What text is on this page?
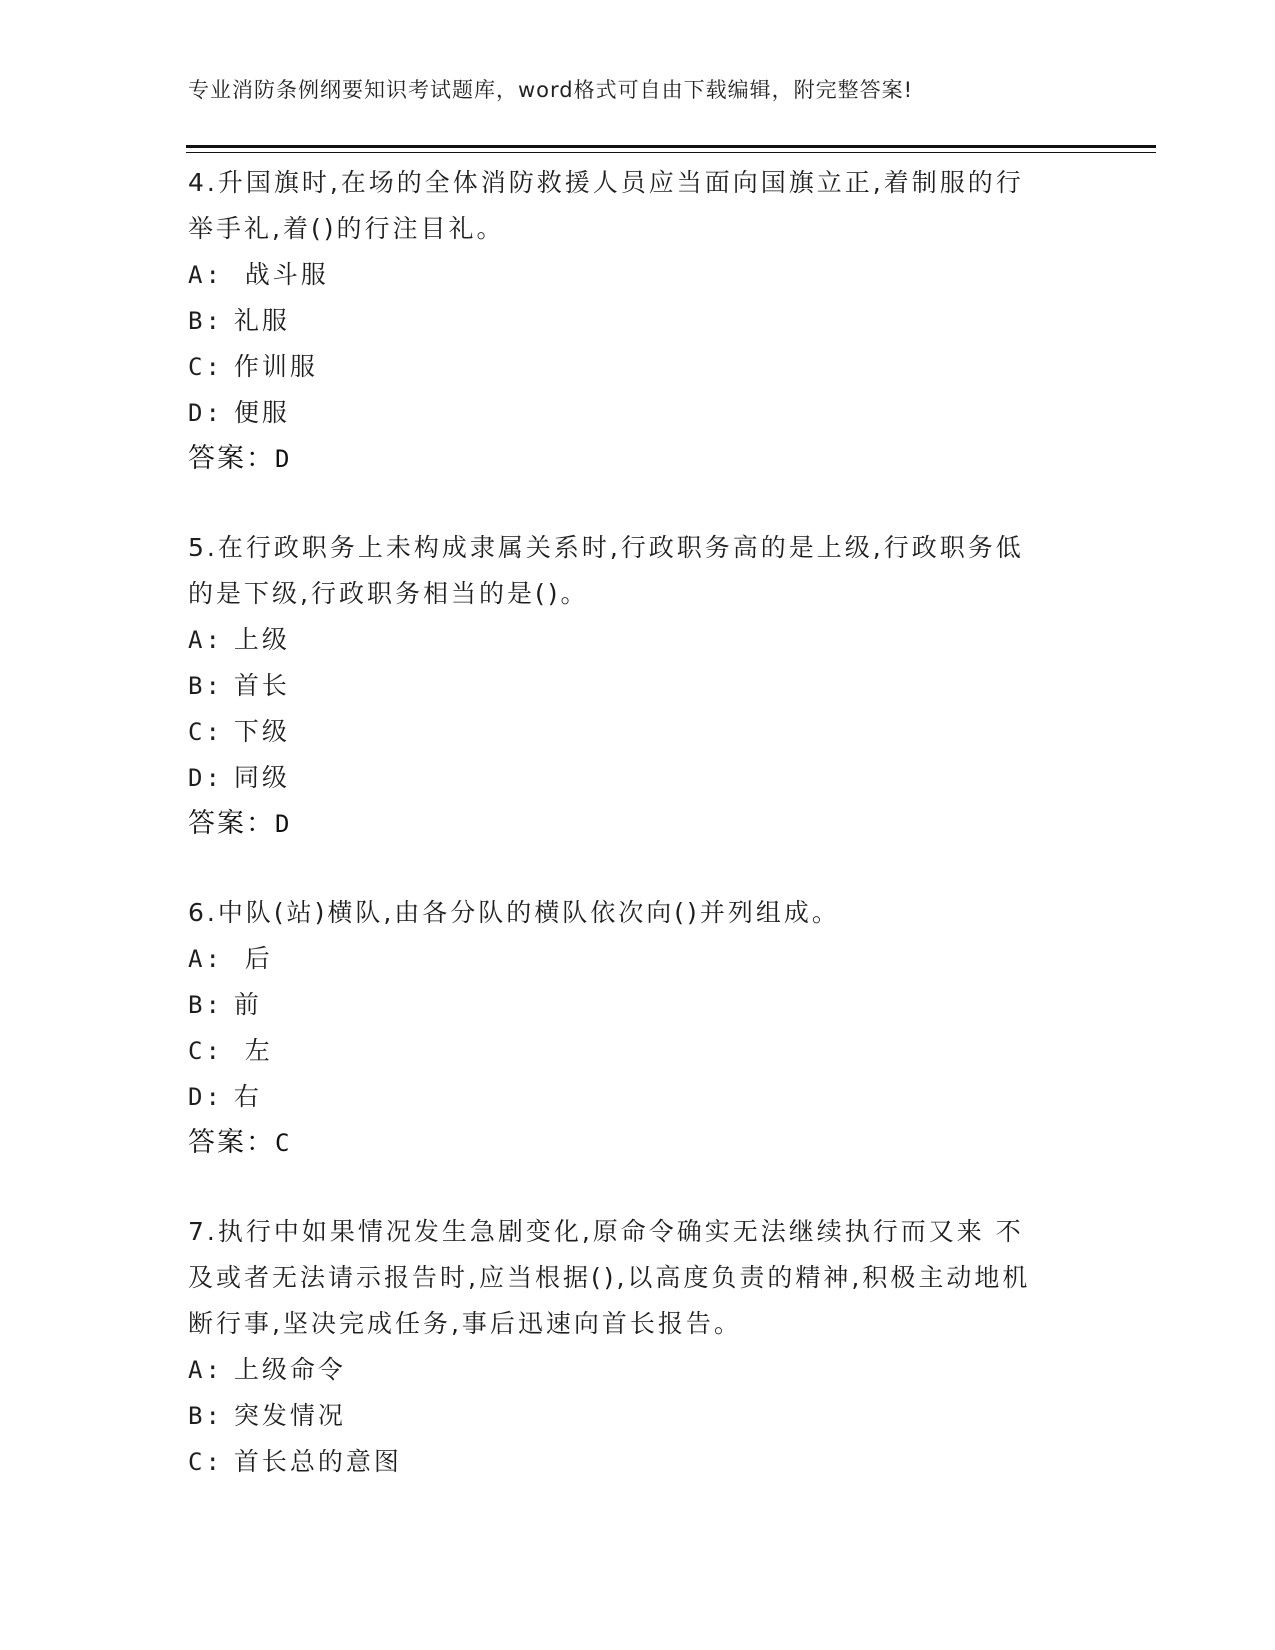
专业消防条例纲要知识考试题库，word格式可自由下载编辑，附完整答案!
4.升国旗时,在场的全体消防救援人员应当面向国旗立正,着制服的行
举手礼,着()的行注目礼。
A: 战斗服
B: 礼服
C: 作训服
D: 便服
答案：D
5.在行政职务上未构成隶属关系时,行政职务高的是上级,行政职务低
的是下级,行政职务相当的是()。
A: 上级
B: 首长
C: 下级
D: 同级
答案：D
6.中队(站)横队,由各分队的横队依次向()并列组成。
A: 后
B: 前
C: 左
D: 右
答案：C
7.执行中如果情况发生急剧变化,原命令确实无法继续执行而又来 不
及或者无法请示报告时,应当根据(),以高度负责的精神,积极主动地机
断行事,坚决完成任务,事后迅速向首长报告。
A: 上级命令
B: 突发情况
C: 首长总的意图
